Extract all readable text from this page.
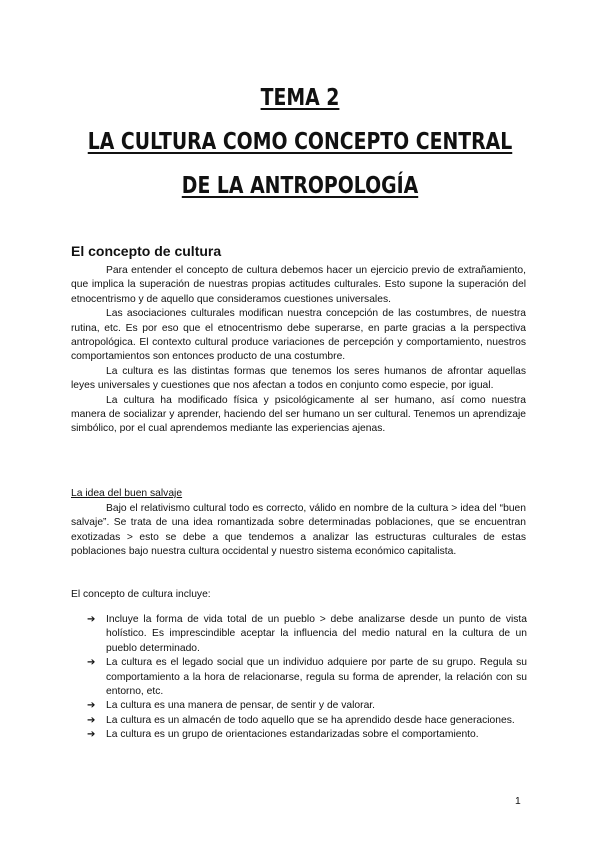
TEMA 2
LA CULTURA COMO CONCEPTO CENTRAL
DE LA ANTROPOLOGÍA
El concepto de cultura

Para entender el concepto de cultura debemos hacer un ejercicio previo de extrañamiento, que implica la superación de nuestras propias actitudes culturales. Esto supone la superación del etnocentrismo y de aquello que consideramos cuestiones universales.

Las asociaciones culturales modifican nuestra concepción de las costumbres, de nuestra rutina, etc. Es por eso que el etnocentrismo debe superarse, en parte gracias a la perspectiva antropológica. El contexto cultural produce variaciones de percepción y comportamiento, nuestros comportamientos son entonces producto de una costumbre.

La cultura es las distintas formas que tenemos los seres humanos de afrontar aquellas leyes universales y cuestiones que nos afectan a todos en conjunto como especie, por igual.

La cultura ha modificado física y psicológicamente al ser humano, así como nuestra manera de socializar y aprender, haciendo del ser humano un ser cultural. Tenemos un aprendizaje simbólico, por el cual aprendemos mediante las experiencias ajenas.

La idea del buen salvaje

Bajo el relativismo cultural todo es correcto, válido en nombre de la cultura > idea del “buen salvaje”. Se trata de una idea romantizada sobre determinadas poblaciones, que se encuentran exotizadas > esto se debe a que tendemos a analizar las estructuras culturales de estas poblaciones bajo nuestra cultura occidental y nuestro sistema económico capitalista.

El concepto de cultura incluye:
➔ Incluye la forma de vida total de un pueblo > debe analizarse desde un punto de vista holístico. Es imprescindible aceptar la influencia del medio natural en la cultura de un pueblo determinado.
➔ La cultura es el legado social que un individuo adquiere por parte de su grupo. Regula su comportamiento a la hora de relacionarse, regula su forma de aprender, la relación con su entorno, etc.
➔ La cultura es una manera de pensar, de sentir y de valorar.
➔ La cultura es un almacén de todo aquello que se ha aprendido desde hace generaciones.
➔ La cultura es un grupo de orientaciones estandarizadas sobre el comportamiento.
1
